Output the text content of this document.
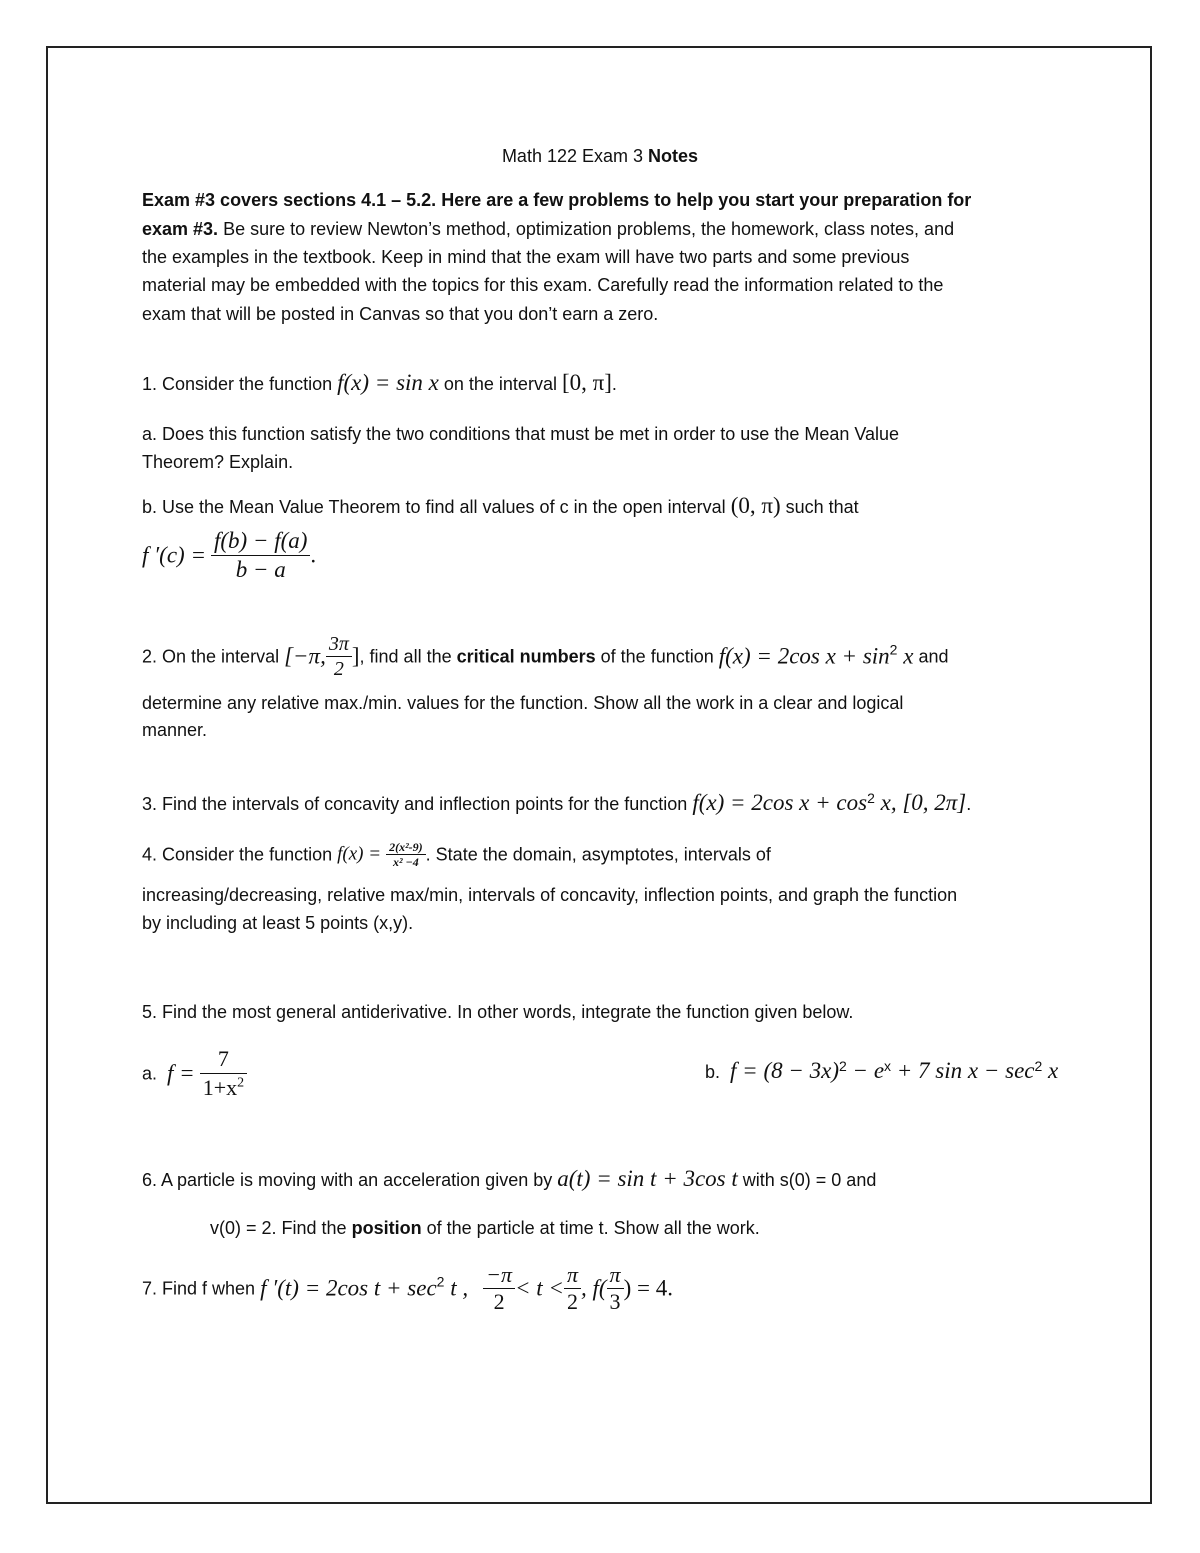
Math 122 Exam 3 Notes
Exam #3 covers sections 4.1 – 5.2. Here are a few problems to help you start your preparation for
exam #3. Be sure to review Newton’s method, optimization problems, the homework, class notes, and
the examples in the textbook. Keep in mind that the exam will have two parts and some previous
material may be embedded with the topics for this exam. Carefully read the information related to the
exam that will be posted in Canvas so that you don’t earn a zero.
1. Consider the function f(x) = sin x on the interval [0, π].
a. Does this function satisfy the two conditions that must be met in order to use the Mean Value
Theorem? Explain.
b. Use the Mean Value Theorem to find all values of c in the open interval (0, π) such that
f $'(c) = \frac{f(b) - f(a)}{b - a}$ .
2. On the interval [−π, $\frac{3\pi}{2}$ ], find all the critical numbers of the function f(x) = 2cos $x + \sin^2 x$ and
determine any relative max./min. values for the function. Show all the work in a clear and logical
manner.
3. Find the intervals of concavity and inflection points for the function f(x) = 2cos $x + \cos^2 x$, [0, 2π].
4. Consider the function $f(x) = \frac{\text{2(x²-9)}}{\text{x² −4}}$ . State the domain, asymptotes, intervals of
increasing/decreasing, relative max/min, intervals of concavity, inflection points, and graph the function
by including at least 5 points (x,y).
5. Find the most general antiderivative. In other words, integrate the function given below.
a. $f = \frac{7}{1+x^2}$	b. $f = (8 - 3x)^2 - e^x + 7$ $\sin x - \sec^2 x$
6. A particle is moving with an acceleration given by a(t) = sin t + 3cos t with s(0) = 0 and
v(0) = 2. Find the position of the particle at time t. Show all the work.
7. Find f when f ′(t) = 2cos $t + \sec^2 t$ , $\frac{-\pi}{2} < t < \frac{\pi}{2}$ , $f( \frac{\pi}{3}$ ) = 4.
